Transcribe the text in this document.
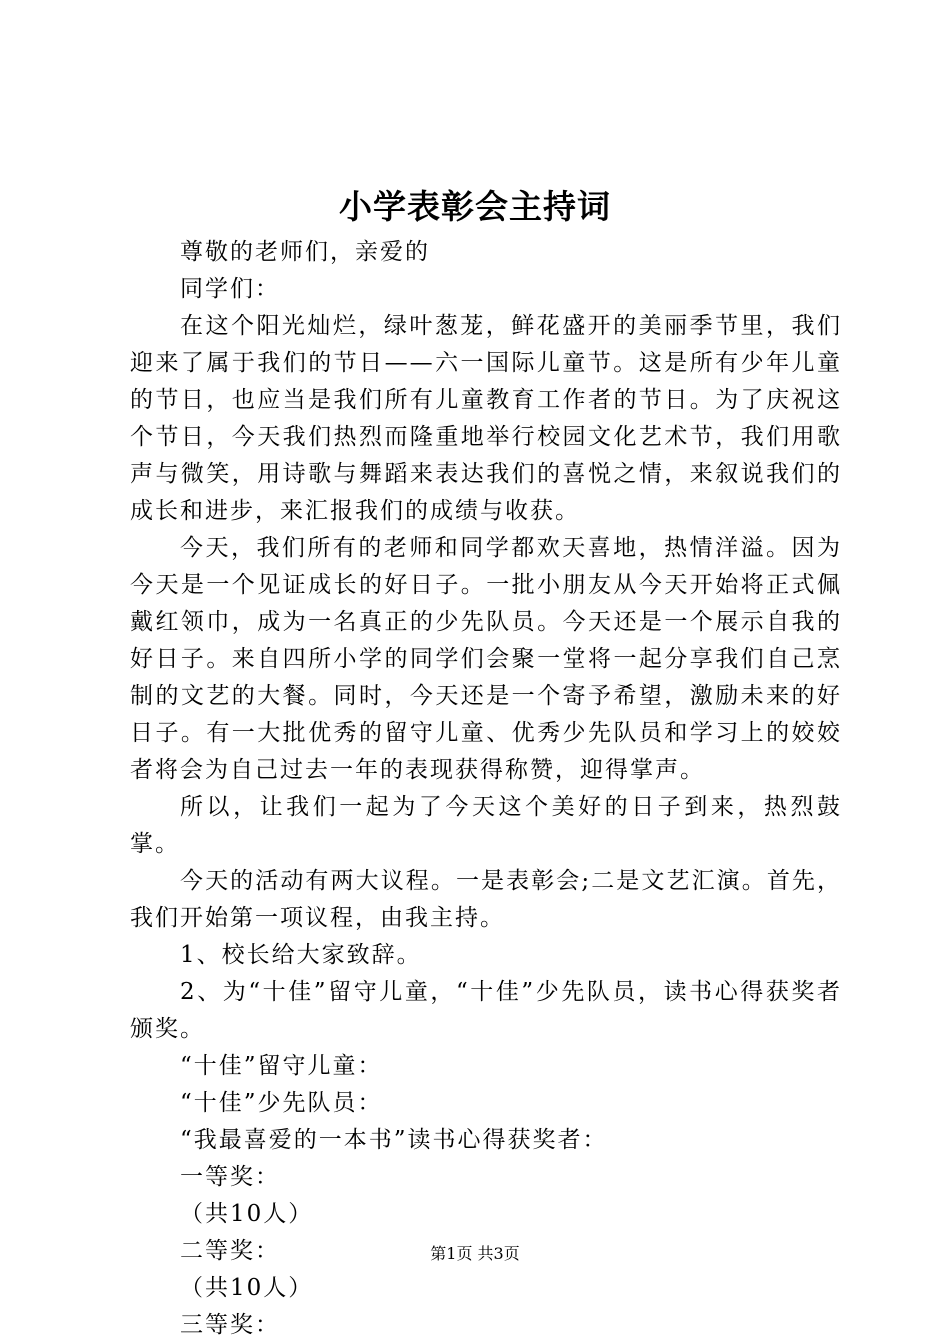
小学表彰会主持词

尊敬的老师们，亲爱的

同学们：

在这个阳光灿烂，绿叶葱茏，鲜花盛开的美丽季节里，我们迎来了属于我们的节日——六一国际儿童节。这是所有少年儿童的节日，也应当是我们所有儿童教育工作者的节日。为了庆祝这个节日，今天我们热烈而隆重地举行校园文化艺术节，我们用歌声与微笑，用诗歌与舞蹈来表达我们的喜悦之情，来叙说我们的成长和进步，来汇报我们的成绩与收获。

今天，我们所有的老师和同学都欢天喜地，热情洋溢。因为今天是一个见证成长的好日子。一批小朋友从今天开始将正式佩戴红领巾，成为一名真正的少先队员。今天还是一个展示自我的好日子。来自四所小学的同学们会聚一堂将一起分享我们自己烹制的文艺的大餐。同时，今天还是一个寄予希望，激励未来的好日子。有一大批优秀的留守儿童、优秀少先队员和学习上的姣姣者将会为自己过去一年的表现获得称赞，迎得掌声。

所以，让我们一起为了今天这个美好的日子到来，热烈鼓掌。

今天的活动有两大议程。一是表彰会;二是文艺汇演。首先，我们开始第一项议程，由我主持。

1、校长给大家致辞。

2、为“十佳”留守儿童，“十佳”少先队员，读书心得获奖者颁奖。

“十佳”留守儿童：

“十佳”少先队员：

“我最喜爱的一本书”读书心得获奖者：

一等奖：

（共10人）

二等奖：

（共10人）

三等奖：

第1页 共3页
